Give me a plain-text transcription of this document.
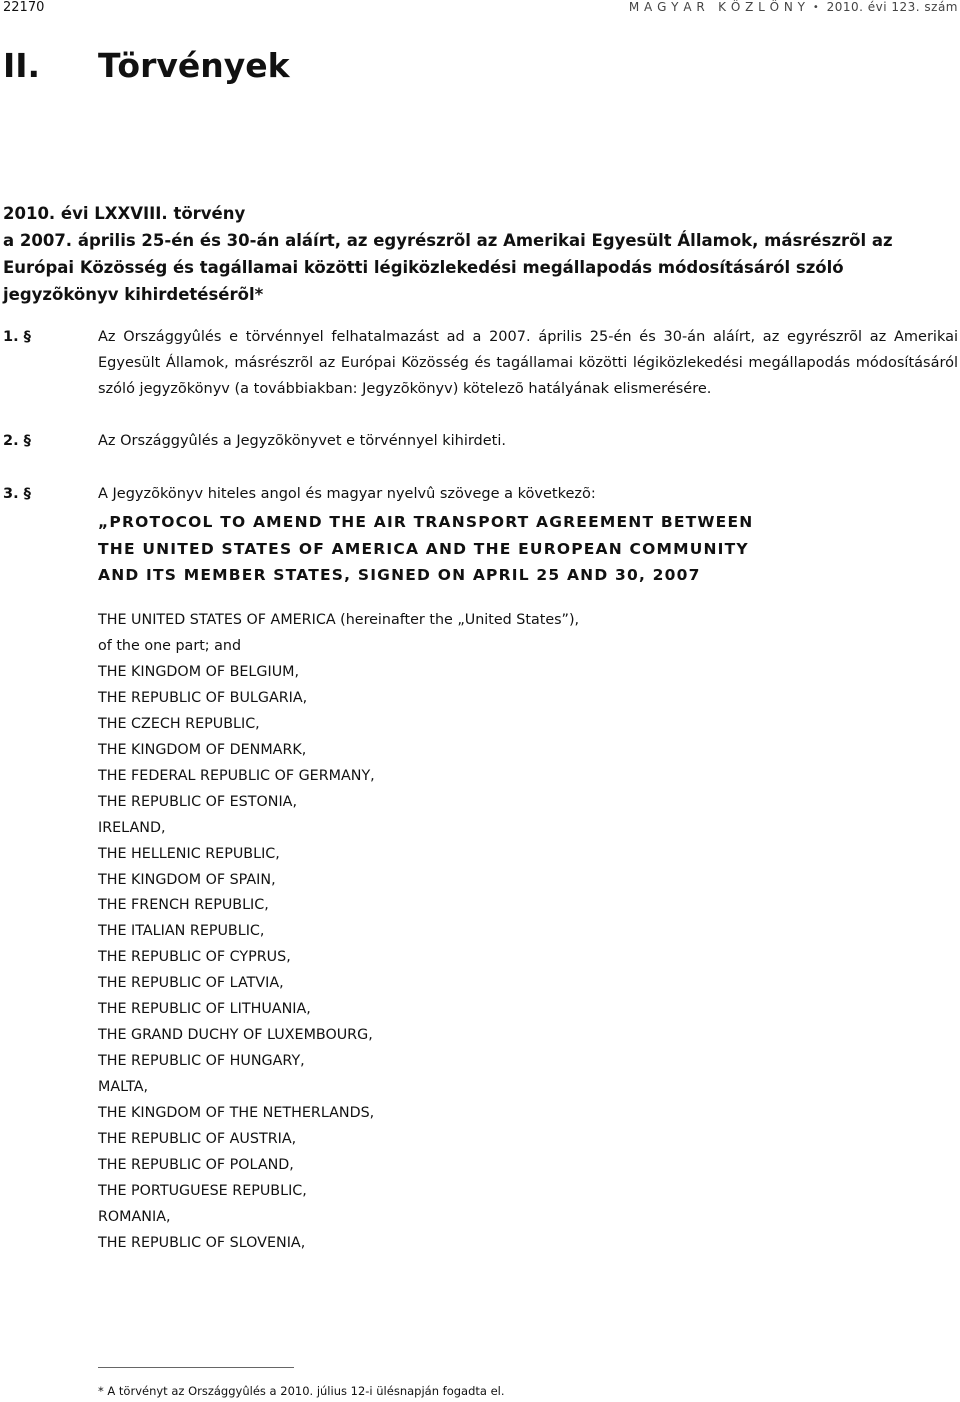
22170	M A G Y A R   K Ö Z L Ö N Y • 2010. évi 123. szám
II. Törvények
2010. évi LXXVIII. törvény
a 2007. április 25-én és 30-án aláírt, az egyrészrõl az Amerikai Egyesült Államok, másrészrõl az Európai Közösség és tagállamai közötti légiközlekedési megállapodás módosításáról szóló jegyzõkönyv kihirdetésérõl*
1. §	Az Országgyûlés e törvénnyel felhatalmazást ad a 2007. április 25-én és 30-án aláírt, az egyrészrõl az Amerikai Egyesült Államok, másrészrõl az Európai Közösség és tagállamai közötti légiközlekedési megállapodás módosításáról szóló jegyzõkönyv (a továbbiakban: Jegyzõkönyv) kötelezõ hatályának elismerésére.
2. §	Az Országgyûlés a Jegyzõkönyvet e törvénnyel kihirdeti.
3. §	A Jegyzõkönyv hiteles angol és magyar nyelvû szövege a következõ:
„PROTOCOL TO AMEND THE AIR TRANSPORT AGREEMENT BETWEEN
THE UNITED STATES OF AMERICA AND THE EUROPEAN COMMUNITY
AND ITS MEMBER STATES, SIGNED ON APRIL 25 AND 30, 2007
THE UNITED STATES OF AMERICA (hereinafter the „United States”),
of the one part; and
THE KINGDOM OF BELGIUM,
THE REPUBLIC OF BULGARIA,
THE CZECH REPUBLIC,
THE KINGDOM OF DENMARK,
THE FEDERAL REPUBLIC OF GERMANY,
THE REPUBLIC OF ESTONIA,
IRELAND,
THE HELLENIC REPUBLIC,
THE KINGDOM OF SPAIN,
THE FRENCH REPUBLIC,
THE ITALIAN REPUBLIC,
THE REPUBLIC OF CYPRUS,
THE REPUBLIC OF LATVIA,
THE REPUBLIC OF LITHUANIA,
THE GRAND DUCHY OF LUXEMBOURG,
THE REPUBLIC OF HUNGARY,
MALTA,
THE KINGDOM OF THE NETHERLANDS,
THE REPUBLIC OF AUSTRIA,
THE REPUBLIC OF POLAND,
THE PORTUGUESE REPUBLIC,
ROMANIA,
THE REPUBLIC OF SLOVENIA,
* A törvényt az Országgyûlés a 2010. július 12-i ülésnapján fogadta el.
